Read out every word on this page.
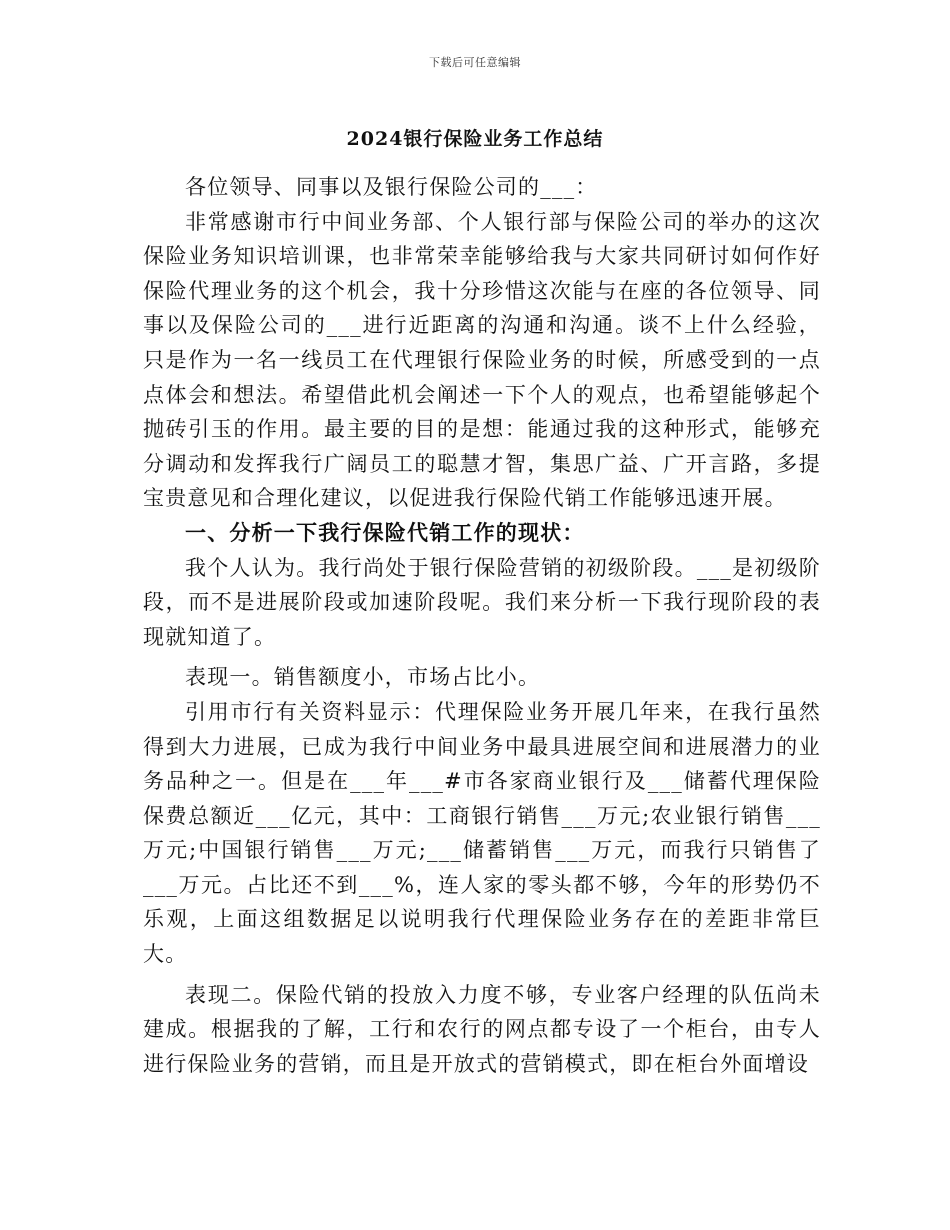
下载后可任意编辑
2024银行保险业务工作总结

各位领导、同事以及银行保险公司的___：

非常感谢市行中间业务部、个人银行部与保险公司的举办的这次保险业务知识培训课，也非常荣幸能够给我与大家共同研讨如何作好保险代理业务的这个机会，我十分珍惜这次能与在座的各位领导、同事以及保险公司的___进行近距离的沟通和沟通。谈不上什么经验，只是作为一名一线员工在代理银行保险业务的时候，所感受到的一点点体会和想法。希望借此机会阐述一下个人的观点，也希望能够起个抛砖引玉的作用。最主要的目的是想：能通过我的这种形式，能够充分调动和发挥我行广阔员工的聪慧才智，集思广益、广开言路，多提宝贵意见和合理化建议，以促进我行保险代销工作能够迅速开展。

一、分析一下我行保险代销工作的现状：

我个人认为。我行尚处于银行保险营销的初级阶段。___是初级阶段，而不是进展阶段或加速阶段呢。我们来分析一下我行现阶段的表现就知道了。

表现一。销售额度小，市场占比小。

引用市行有关资料显示：代理保险业务开展几年来，在我行虽然得到大力进展，已成为我行中间业务中最具进展空间和进展潜力的业务品种之一。但是在___年___#市各家商业银行及___储蓄代理保险保费总额近___亿元，其中：工商银行销售___万元;农业银行销售___万元;中国银行销售___万元;___储蓄销售___万元，而我行只销售了___万元。占比还不到___%，连人家的零头都不够，今年的形势仍不乐观，上面这组数据足以说明我行代理保险业务存在的差距非常巨大。

表现二。保险代销的投放入力度不够，专业客户经理的队伍尚未建成。根据我的了解，工行和农行的网点都专设了一个柜台，由专人进行保险业务的营销，而且是开放式的营销模式，即在柜台外面增设
